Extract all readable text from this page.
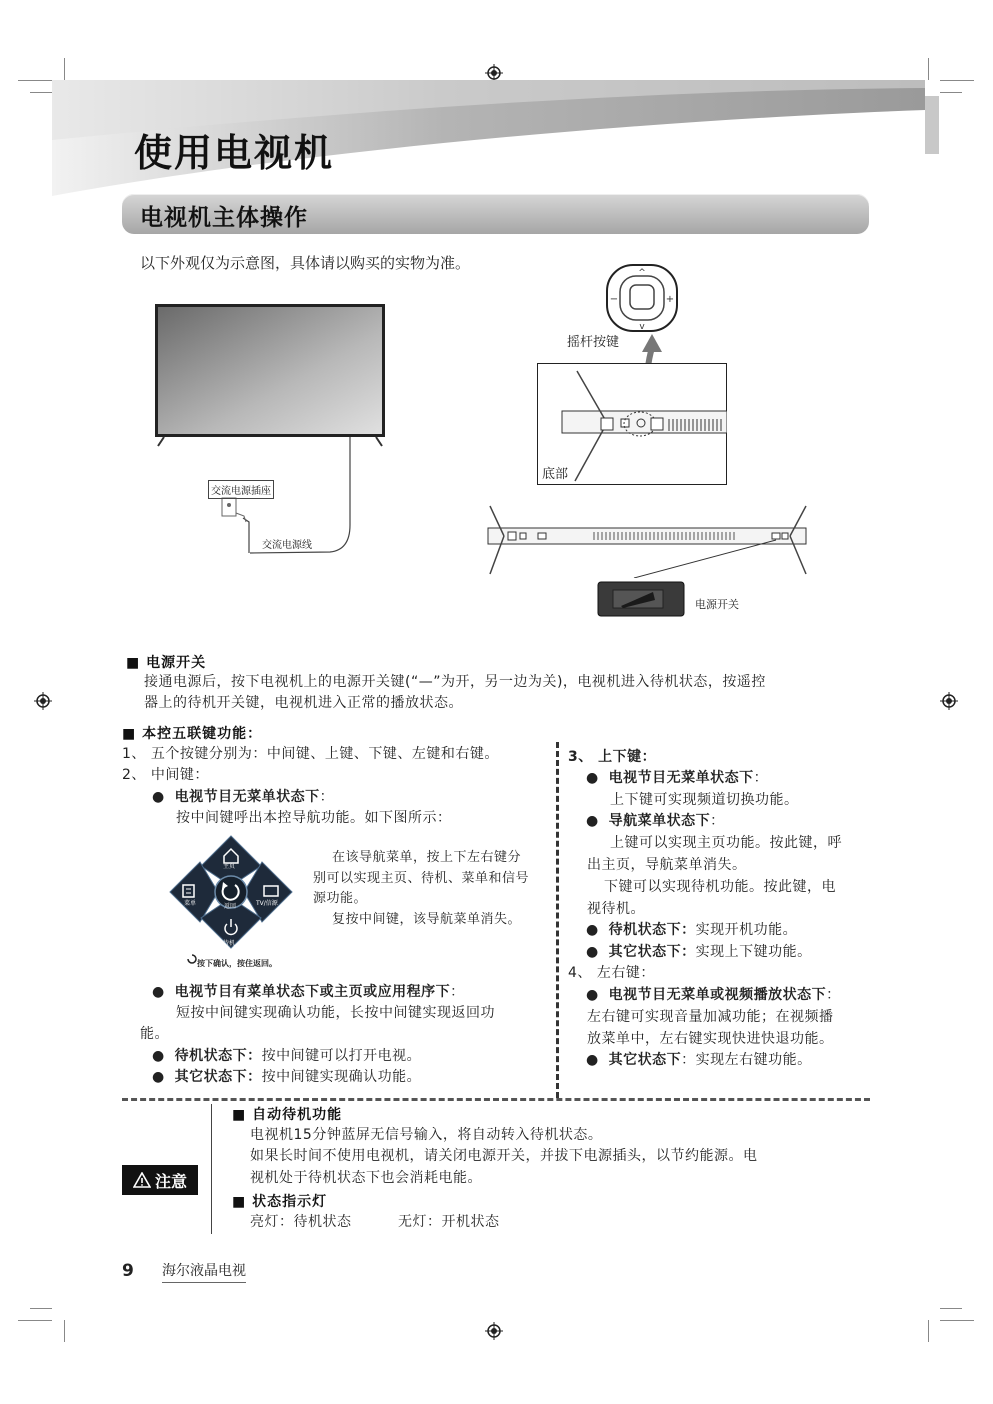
使用电视机
电视机主体操作
以下外观仅为示意图，具体请以购买的实物为准。
交流电源插座
交流电源线
^
v
−	+
摇杆按键
底部
电源开关
■ 电源开关
接通电源后，按下电视机上的电源开关键(“—”为开，另一边为关)，电视机进入待机状态，按遥控
器上的待机开关键，电视机进入正常的播放状态。
■ 本控五联键功能：
1、 五个按键分别为：中间键、上键、下键、左键和右键。
2、 中间键：
●  电视节目无菜单状态下：
按中间键呼出本控导航功能。如下图所示：
主页
菜单	返回	TV/信源
待机
按下确认，按住返回。
在该导航菜单，按上下左右键分
别可以实现主页、待机、菜单和信号
源功能。
复按中间键，该导航菜单消失。
●  电视节目有菜单状态下或主页或应用程序下：
短按中间键实现确认功能，长按中间键实现返回功
能。
●  待机状态下：按中间键可以打开电视。
●  其它状态下：按中间键实现确认功能。
3、 上下键：
●  电视节目无菜单状态下：
上下键可实现频道切换功能。
●  导航菜单状态下：
上键可以实现主页功能。按此键，呼
出主页，导航菜单消失。
下键可以实现待机功能。按此键，电
视待机。
●  待机状态下：实现开机功能。
●  其它状态下：实现上下键功能。
4、 左右键：
●  电视节目无菜单或视频播放状态下：
左右键可实现音量加减功能；在视频播
放菜单中，左右键实现快进快退功能。
●  其它状态下：实现左右键功能。
注意
■ 自动待机功能
电视机15分钟蓝屏无信号输入，将自动转入待机状态。
如果长时间不使用电视机，请关闭电源开关，并拔下电源插头，以节约能源。电
视机处于待机状态下也会消耗电能。
■ 状态指示灯
亮灯：待机状态	无灯：开机状态
9 海尔液晶电视
